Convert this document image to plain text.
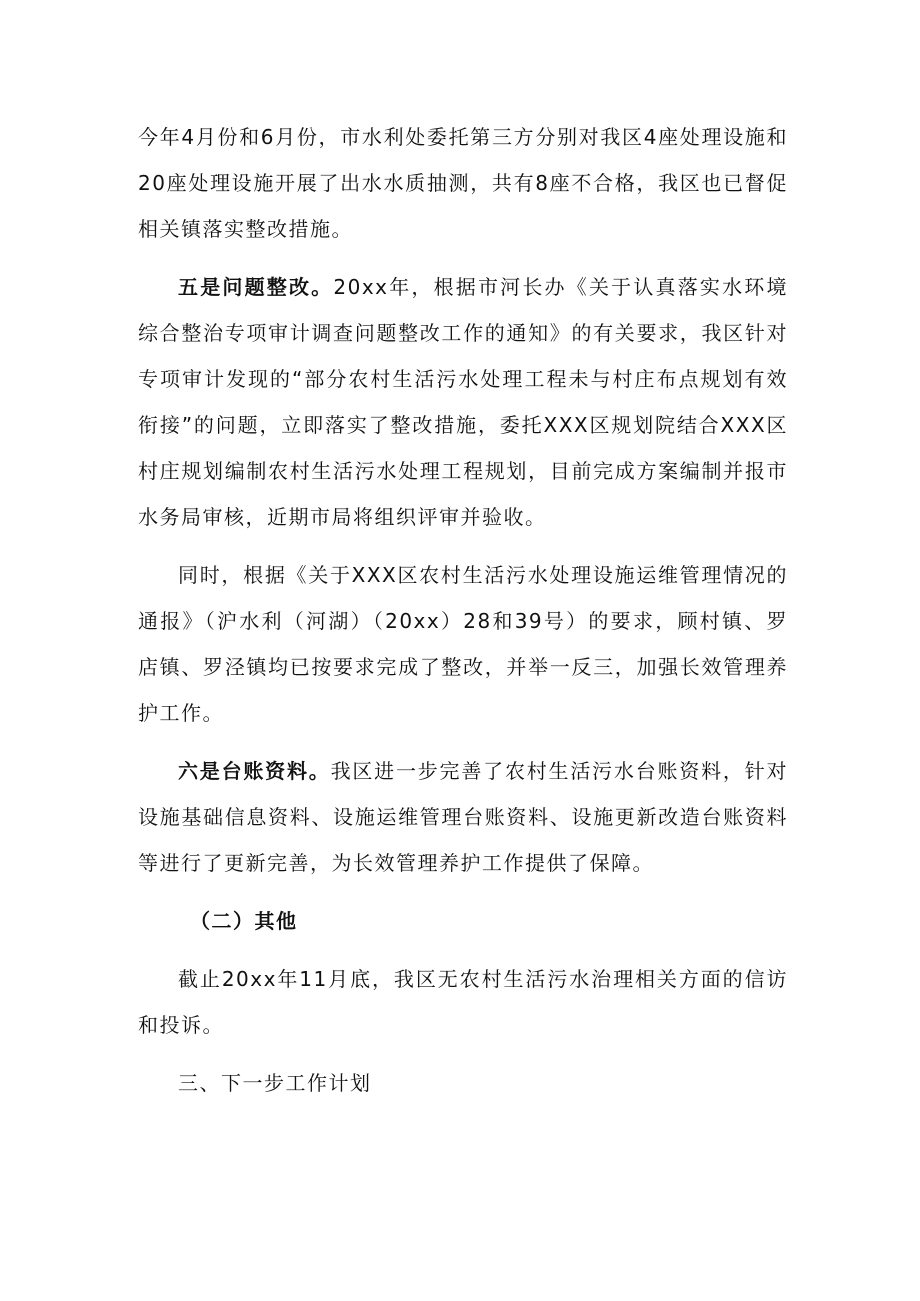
今年4月份和6月份，市水利处委托第三方分别对我区4座处理设施和20座处理设施开展了出水水质抽测，共有8座不合格，我区也已督促相关镇落实整改措施。

五是问题整改。20xx年，根据市河长办《关于认真落实水环境综合整治专项审计调查问题整改工作的通知》的有关要求，我区针对专项审计发现的“部分农村生活污水处理工程未与村庄布点规划有效衔接”的问题，立即落实了整改措施，委托XXX区规划院结合XXX区村庄规划编制农村生活污水处理工程规划，目前完成方案编制并报市水务局审核，近期市局将组织评审并验收。

同时，根据《关于XXX区农村生活污水处理设施运维管理情况的通报》（沪水利（河湖）（20xx）28和39号）的要求，顾村镇、罗店镇、罗泾镇均已按要求完成了整改，并举一反三，加强长效管理养护工作。

六是台账资料。我区进一步完善了农村生活污水台账资料，针对设施基础信息资料、设施运维管理台账资料、设施更新改造台账资料等进行了更新完善，为长效管理养护工作提供了保障。

（二）其他

截止20xx年11月底，我区无农村生活污水治理相关方面的信访和投诉。

三、下一步工作计划
